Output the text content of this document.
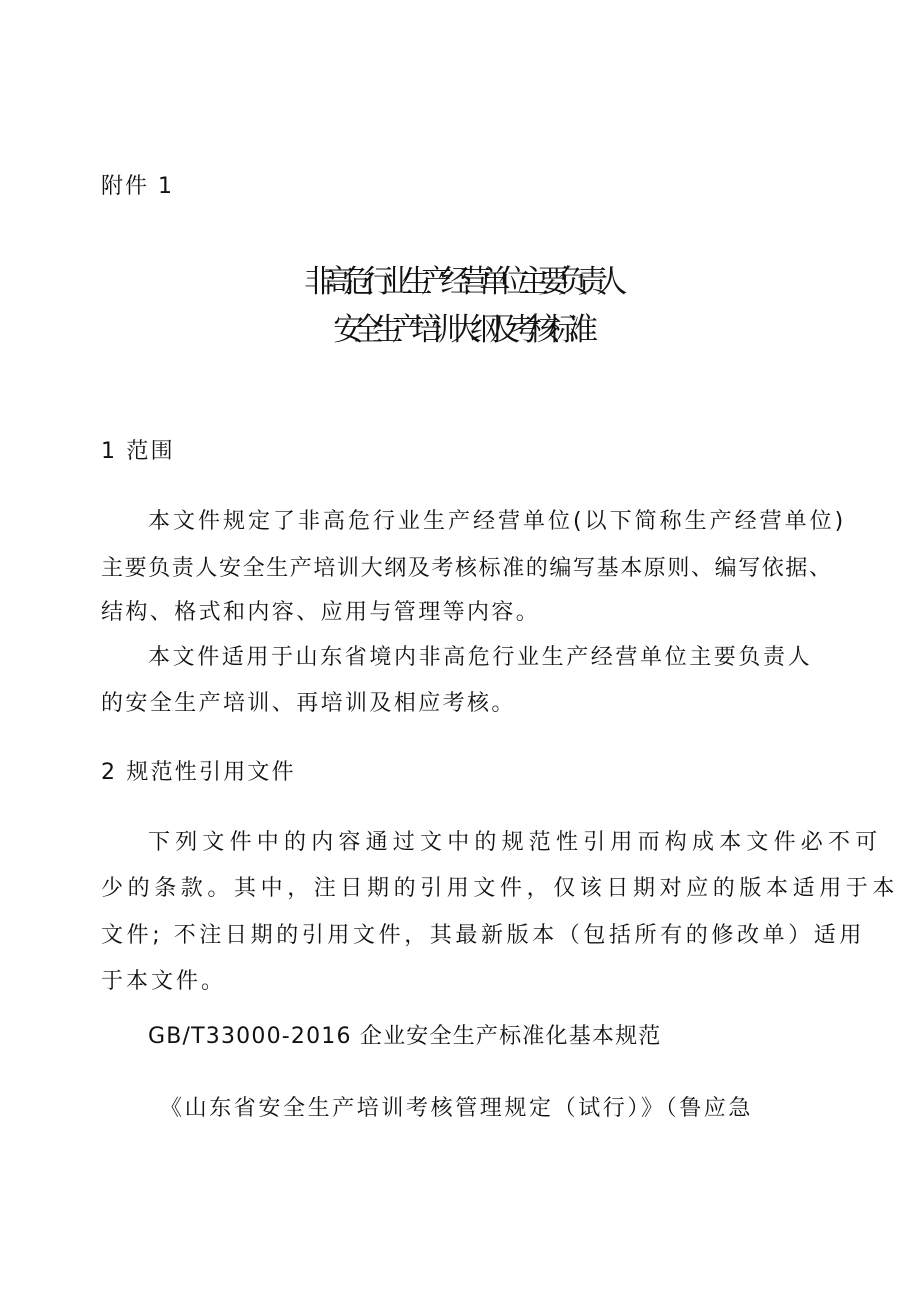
附件 1
非高危行业生产经营单位主要负责人
安全生产培训大纲及考核标准
1 范围
本文件规定了非高危行业生产经营单位(以下简称生产经营单位)
主要负责人安全生产培训大纲及考核标准的编写基本原则、编写依据、
结构、格式和内容、应用与管理等内容。
本文件适用于山东省境内非高危行业生产经营单位主要负责人
的安全生产培训、再培训及相应考核。
2 规范性引用文件
下列文件中的内容通过文中的规范性引用而构成本文件必不可
少的条款。其中，注日期的引用文件，仅该日期对应的版本适用于本
文件; 不注日期的引用文件，其最新版本（包括所有的修改单）适用
于本文件。
GB/T33000-2016 企业安全生产标准化基本规范
《山东省安全生产培训考核管理规定（试行）》（鲁应急
